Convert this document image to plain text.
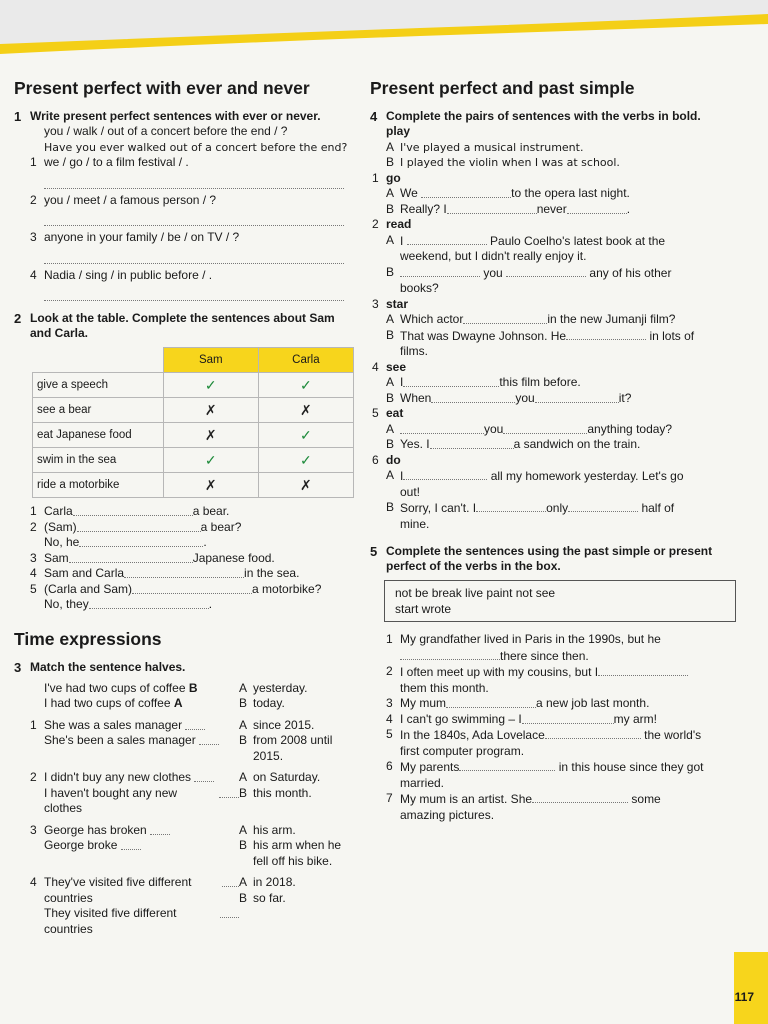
Present perfect with ever and never
1 Write present perfect sentences with ever or never.
you / walk / out of a concert before the end / ?
Have you ever walked out of a concert before the end?
1 we / go / to a film festival / .
2 you / meet / a famous person / ?
3 anyone in your family / be / on TV / ?
4 Nadia / sing / in public before / .
2 Look at the table. Complete the sentences about Sam and Carla.
	Sam	Carla
give a speech	✓	✓
see a bear	✗	✗
eat Japanese food	✗	✓
swim in the sea	✓	✓
ride a motorbike	✗	✗
1 Carla	a bear.
2 (Sam)	a bear?
No, he	.
3 Sam	Japanese food.
4 Sam and Carla	in the sea.
5 (Carla and Sam)	a motorbike?
No, they	.
Time expressions
3 Match the sentence halves.
I've had two cups of coffee
B
I had two cups of coffee
A
A yesterday.
B today.
1 She was a sales manager

She's been a sales manager

A since 2015.
B from 2008 until 2015.
2 I didn't buy any new clothes

I haven't bought any new clothes

A on Saturday.
B this month.
3 George has broken

George broke

A his arm.
B his arm when he fell off his bike.
4 They've visited five different countries

They visited five different countries

A in 2018.
B so far.
Present perfect and past simple
4 Complete the pairs of sentences with the verbs in bold.
play
A I've played a musical instrument.
B I played the violin when I was at school.
1 go
A We
	to the opera last night.
B Really? I	never	.
2 read
A I	Paulo Coelho's latest book at the weekend, but I didn't really enjoy it.
B	you	any of his other books?
3 star
A Which actor	in the new Jumanji film?
B That was Dwayne Johnson. He	in lots of films.
4 see
A I	this film before.
B When	you	it?
5 eat
A	you	anything today?
B Yes. I	a sandwich on the train.
6 do
A I	all my homework yesterday. Let's go out!
B Sorry, I can't. I	only	half of mine.
5 Complete the sentences using the past simple or present perfect of the verbs in the box.
not be break live paint not see
start wrote
1 My grandfather lived in Paris in the 1990s, but he
there since then.
2 I often meet up with my cousins, but I them this month.
3 My mum	a new job last month.
4 I can't go swimming – I	my arm!
5 In the 1840s, Ada Lovelace	the world's first computer program.
6 My parents	in this house since they got married.
7 My mum is an artist. She	some amazing pictures.
117
